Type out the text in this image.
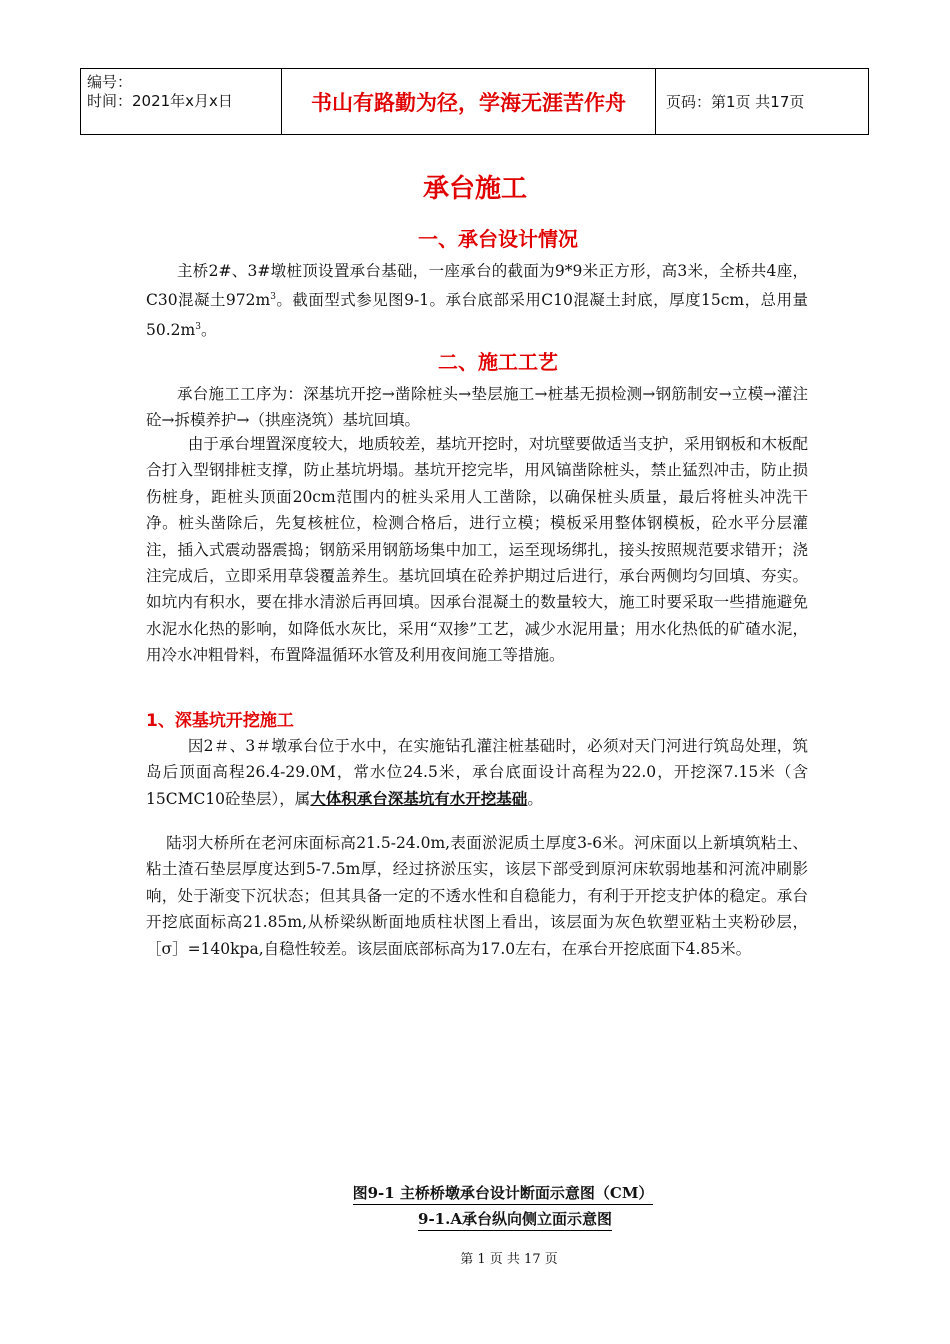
编号：
时间：2021年x月x日	书山有路勤为径，学海无涯苦作舟	页码：第1页 共17页
承台施工
一、承台设计情况

主桥2#、3#墩桩顶设置承台基础，一座承台的截面为9*9米正方形，高3米，全桥共4座，C30混凝土$972m^3$。截面型式参见图9-1。承台底部采用C10混凝土封底，厚度15cm，总用量$50.2m^3$。

二、施工工艺

承台施工工序为：深基坑开挖→凿除桩头→垫层施工→桩基无损检测→钢筋制安→立模→灌注砼→拆模养护→（拱座浇筑）基坑回填。

由于承台埋置深度较大，地质较差，基坑开挖时，对坑壁要做适当支护，采用钢板和木板配合打入型钢排桩支撑，防止基坑坍塌。基坑开挖完毕，用风镐凿除桩头，禁止猛烈冲击，防止损伤桩身，距桩头顶面20cm范围内的桩头采用人工凿除，以确保桩头质量，最后将桩头冲洗干净。桩头凿除后，先复核桩位，检测合格后，进行立模；模板采用整体钢模板，砼水平分层灌注，插入式震动器震捣；钢筋采用钢筋场集中加工，运至现场绑扎，接头按照规范要求错开；浇注完成后，立即采用草袋覆盖养生。基坑回填在砼养护期过后进行，承台两侧均匀回填、夯实。如坑内有积水，要在排水清淤后再回填。因承台混凝土的数量较大，施工时要采取一些措施避免水泥水化热的影响，如降低水灰比，采用“双掺”工艺，减少水泥用量；用水化热低的矿碴水泥，用冷水冲粗骨料，布置降温循环水管及利用夜间施工等措施。

1、深基坑开挖施工

因2＃、3＃墩承台位于水中，在实施钻孔灌注桩基础时，必须对天门河进行筑岛处理，筑岛后顶面高程26.4-29.0M，常水位24.5米，承台底面设计高程为22.0，开挖深7.15米（含15CMC10砼垫层），属大体积承台深基坑有水开挖基础。

陆羽大桥所在老河床面标高21.5-24.0m,表面淤泥质土厚度3-6米。河床面以上新填筑粘土、粘土渣石垫层厚度达到5-7.5m厚，经过挤淤压实，该层下部受到原河床软弱地基和河流冲刷影响，处于渐变下沉状态；但其具备一定的不透水性和自稳能力，有利于开挖支护体的稳定。承台开挖底面标高21.85m,从桥梁纵断面地质柱状图上看出，该层面为灰色软塑亚粘土夹粉砂层，［σ］=140kpa,自稳性较差。该层面底部标高为17.0左右，在承台开挖底面下4.85米。

图9-1 主桥桥墩承台设计断面示意图（CM）
9-1.A承台纵向侧立面示意图
第 1 页 共 17 页
